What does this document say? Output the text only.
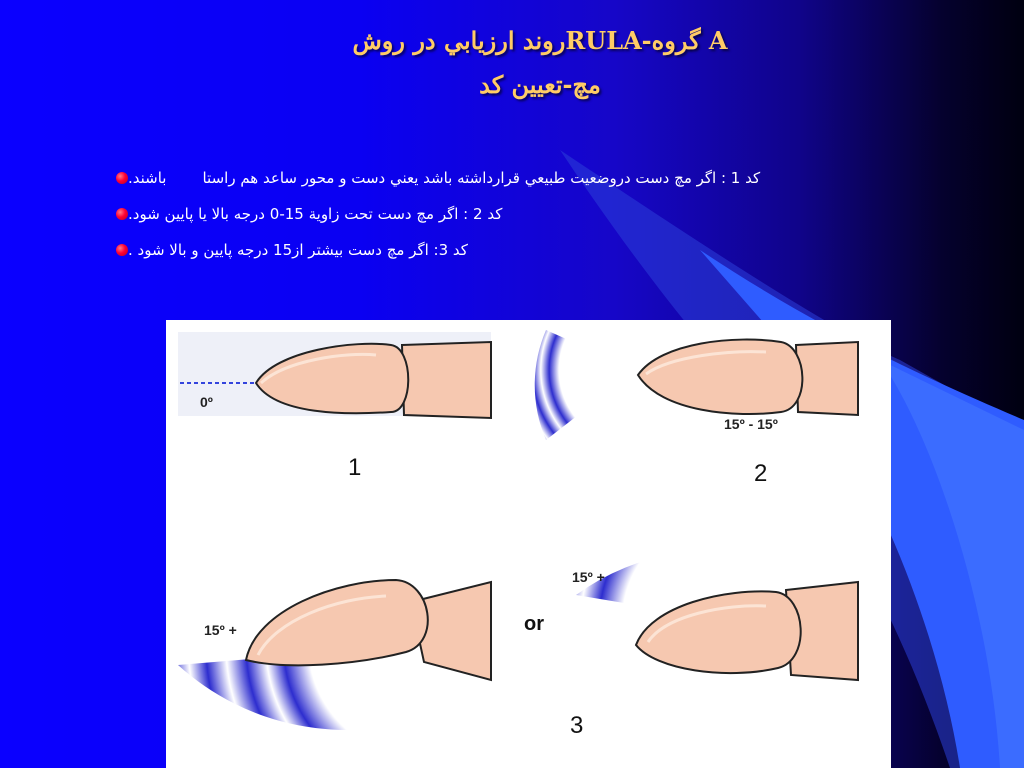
روند ارزيابي در روشRULA-گروه A
مچ-تعيين كد
كد 1 : اگر مچ دست دروضعيت طبيعي قرارداشته باشد يعني دست و محور ساعد هم راستاباشند.
كد 2 : اگر مچ دست تحت زاوية 15-0 درجه بالا يا پايين شود.
كد 3: اگر مچ دست بيشتر از15 درجه پايين و بالا شود .
0º
1
15º - 15º
2
15º +
15º +
or
3
